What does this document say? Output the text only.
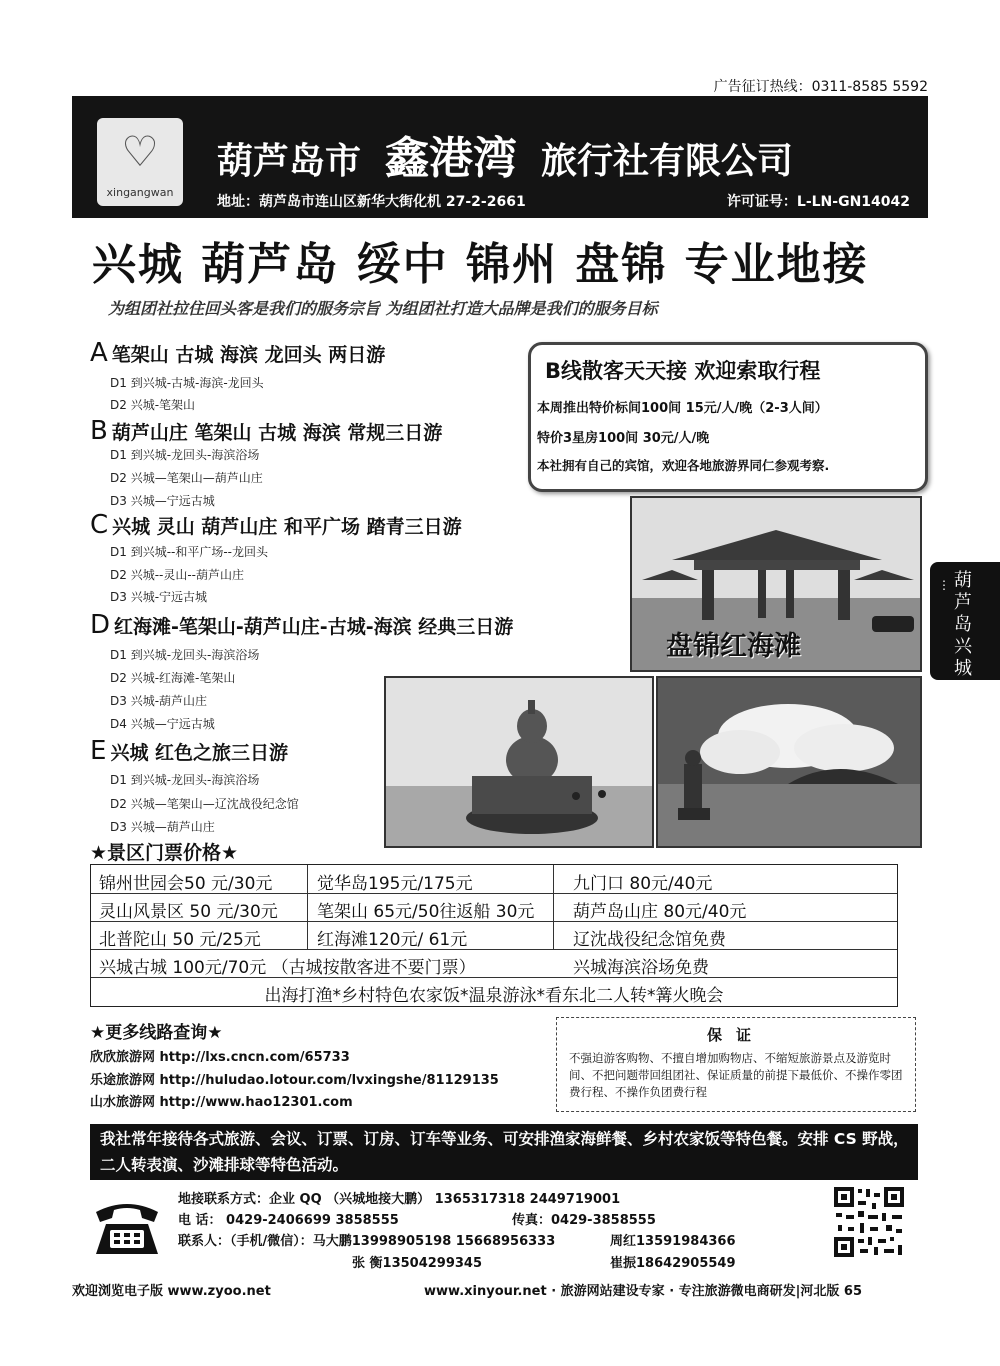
广告征订热线：0311-8585 5592
♡
xingangwan
葫芦岛市 鑫港湾 旅行社有限公司
地址：葫芦岛市连山区新华大街化机 27-2-2661	许可证号：L-LN-GN14042
兴城 葫芦岛 绥中 锦州 盘锦 专业地接
为组团社拉住回头客是我们的服务宗旨 为组团社打造大品牌是我们的服务目标
A 笔架山 古城 海滨 龙回头 两日游
D1 到兴城-古城-海滨-龙回头
D2 兴城-笔架山
B 葫芦山庄 笔架山 古城 海滨 常规三日游
D1 到兴城-龙回头-海滨浴场
D2 兴城—笔架山—葫芦山庄
D3 兴城—宁远古城
C 兴城 灵山 葫芦山庄 和平广场 踏青三日游
D1 到兴城--和平广场--龙回头
D2 兴城--灵山--葫芦山庄
D3 兴城-宁远古城
D 红海滩-笔架山-葫芦山庄-古城-海滨 经典三日游
D1 到兴城-龙回头-海滨浴场
D2 兴城-红海滩-笔架山
D3 兴城-葫芦山庄
D4 兴城—宁远古城
E 兴城 红色之旅三日游
D1 到兴城-龙回头-海滨浴场
D2 兴城—笔架山—辽沈战役纪念馆
D3 兴城—葫芦山庄
B线散客天天接 欢迎索取行程
本周推出特价标间100间 15元/人/晚（2-3人间）
特价3星房100间 30元/人/晚
本社拥有自己的宾馆，欢迎各地旅游界同仁参观考察.
盘锦红海滩
⋮ 葫芦岛兴城
★景区门票价格★
锦州世园会50 元/30元	觉华岛195元/175元	九门口 80元/40元
灵山风景区 50 元/30元 笔架山 65元/50往返船 30元 葫芦岛山庄 80元/40元
北普陀山 50 元/25元	红海滩120元/ 61元	辽沈战役纪念馆免费
兴城古城 100元/70元 （古城按散客进不要门票）	兴城海滨浴场免费
出海打渔*乡村特色农家饭*温泉游泳*看东北二人转*篝火晚会
★更多线路查询★
欣欣旅游网 http://lxs.cncn.com/65733
乐途旅游网 http://huludao.lotour.com/lvxingshe/81129135
山水旅游网 http://www.hao12301.com
保证
不强迫游客购物、不擅自增加购物店、不缩短旅游景点及游览时间、不把问题带回组团社、保证质量的前提下最低价、不操作零团费行程、不操作负团费行程
我社常年接待各式旅游、会议、订票、订房、订车等业务、可安排渔家海鲜餐、乡村农家饭等特色餐。安排 CS 野战，二人转表演、沙滩排球等特色活动。
地接联系方式：企业 QQ （兴城地接大鹏） 1365317318 2449719001
电 话： 0429-2406699 3858555	传真：0429-3858555
联系人：（手机/微信）：马大鹏13998905198 15668956333	周红13591984366
张 衡13504299345	崔振18642905549
欢迎浏览电子版 www.zyoo.net	www.xinyour.net · 旅游网站建设专家 · 专注旅游微电商研发|河北版 65
